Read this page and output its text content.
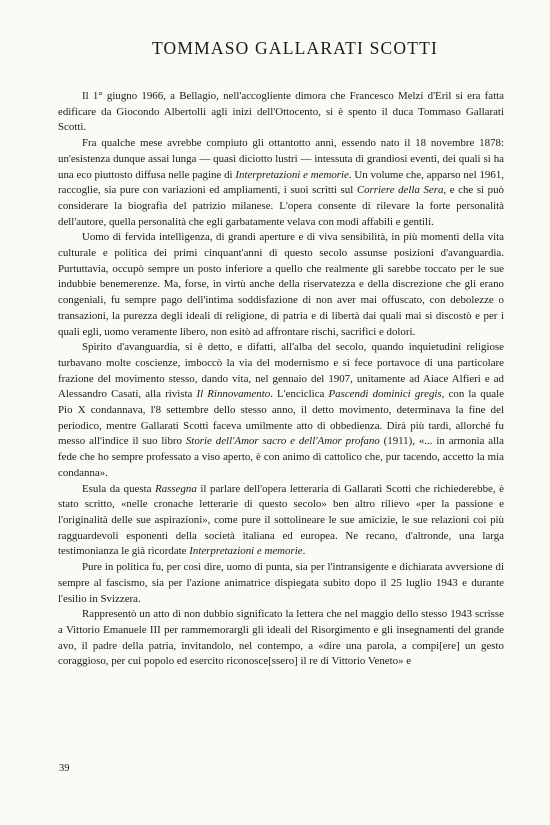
TOMMASO GALLARATI SCOTTI

Il 1° giugno 1966, a Bellagio, nell'accogliente dimora che Francesco Melzi d'Eril si era fatta edificare da Giocondo Albertolli agli inizi dell'Ottocento, si è spento il duca Tommaso Gallarati Scotti.

Fra qualche mese avrebbe compiuto gli ottantotto anni, essendo nato il 18 novembre 1878: un'esistenza dunque assai lunga — quasi diciotto lustri — intessuta di grandiosi eventi, dei quali si ha una eco piuttosto diffusa nelle pagine di Interpretazioni e memorie. Un volume che, apparso nel 1961, raccoglie, sia pure con variazioni ed ampliamenti, i suoi scritti sul Corriere della Sera, e che si può considerare la biografia del patrizio milanese. L'opera consente di rilevare la forte personalità dell'autore, quella personalità che egli garbatamente velava con modi affabili e gentili.

Uomo di fervida intelligenza, di grandi aperture e di viva sensibilità, in più momenti della vita culturale e politica dei primi cinquant'anni di questo secolo assunse posizioni d'avanguardia. Purtuttavia, occupò sempre un posto inferiore a quello che realmente gli sarebbe toccato per le sue indubbie benemerenze. Ma, forse, in virtù anche della riservatezza e della discrezione che gli erano congeniali, fu sempre pago dell'intima soddisfazione di non aver mai offuscato, con debolezze o transazioni, la purezza degli ideali di religione, di patria e di libertà dai quali mai si discostò e per i quali egli, uomo veramente libero, non esitò ad affrontare rischi, sacrifici e dolori.

Spirito d'avanguardia, si è detto, e difatti, all'alba del secolo, quando inquietudini religiose turbavano molte coscienze, imboccò la via del modernismo e si fece portavoce di una particolare frazione del movimento stesso, dando vita, nel gennaio del 1907, unitamente ad Aiace Alfieri e ad Alessandro Casati, alla rivista Il Rinnovamento. L'enciclica Pascendi dominici gregis, con la quale Pio X condannava, l'8 settembre dello stesso anno, il detto movimento, determinava la fine del periodico, mentre Gallarati Scotti faceva umilmente atto di obbedienza. Dirà più tardi, allorché fu messo all'indice il suo libro Storie dell'Amor sacro e dell'Amor profano (1911), «... in armonia alla fede che ho sempre professato a viso aperto, è con animo di cattolico che, pur tacendo, accetto la mia condanna».

Esula da questa Rassegna il parlare dell'opera letteraria di Gallarati Scotti che richiederebbe, è stato scritto, «nelle cronache letterarie di questo secolo» ben altro rilievo «per la passione e l'originalità delle sue aspirazioni», come pure il sottolineare le sue amicizie, le sue relazioni coi più ragguardevoli esponenti della società italiana ed europea. Ne recano, d'altronde, una larga testimonianza le già ricordate Interpretazioni e memorie.

Pure in politica fu, per così dire, uomo di punta, sia per l'intransigente e dichiarata avversione di sempre al fascismo, sia per l'azione animatrice dispiegata subito dopo il 25 luglio 1943 e durante l'esilio in Svizzera.

Rappresentò un atto di non dubbio significato la lettera che nel maggio dello stesso 1943 scrisse a Vittorio Emanuele III per rammemorargli gli ideali del Risorgimento e gli insegnamenti del grande avo, il padre della patria, invitandolo, nel contempo, a «dire una parola, a compi[ere] un gesto coraggioso, per cui popolo ed esercito riconosce[ssero] il re di Vittorio Veneto» e

39
